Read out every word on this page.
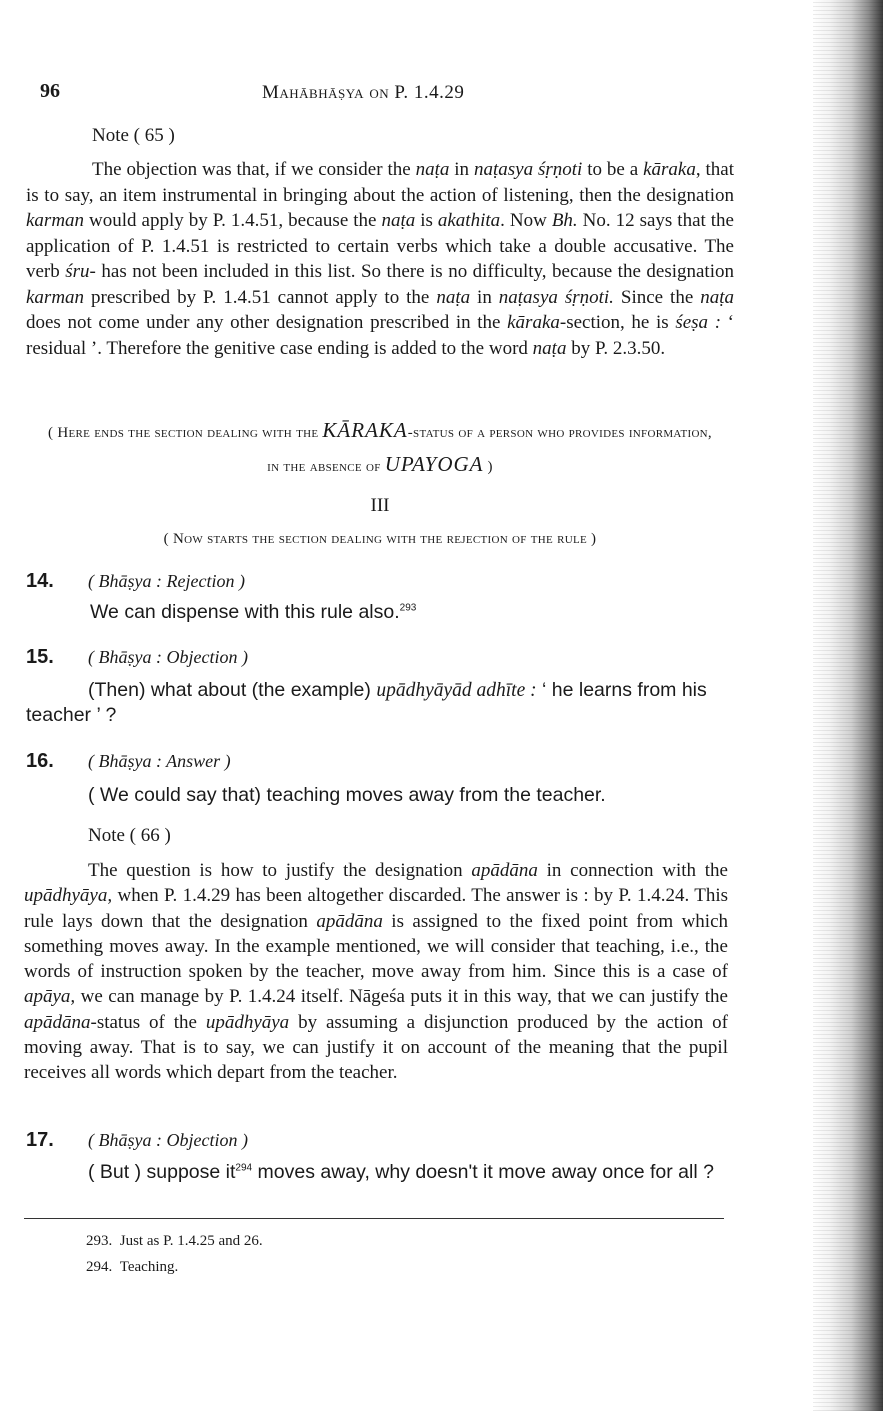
96	Mahābhāṣya on P. 1.4.29
Note ( 65 )
The objection was that, if we consider the naṭa in naṭasya śṛṇoti to be a kāraka, that is to say, an item instrumental in bringing about the action of listening, then the designation karman would apply by P. 1.4.51, because the naṭa is akathita. Now Bh. No. 12 says that the application of P. 1.4.51 is restricted to certain verbs which take a double accusative. The verb śru- has not been included in this list. So there is no difficulty, because the designation karman prescribed by P. 1.4.51 cannot apply to the naṭa in naṭasya śṛṇoti. Since the naṭa does not come under any other designation prescribed in the kāraka-section, he is śeṣa : ‘ residual ’. Therefore the genitive case ending is added to the word naṭa by P. 2.3.50.
( Here ends the section dealing with the KĀRAKA-status of a person who provides information, in the absence of UPAYOGA )
III
( Now starts the section dealing with the rejection of the rule )
14. ( Bhāṣya : Rejection )
We can dispense with this rule also.$^{293}$
15. ( Bhāṣya : Objection )
(Then) what about (the example) upādhyāyād adhīte : ‘ he learns from his teacher ’ ?
16. ( Bhāṣya : Answer )
( We could say that) teaching moves away from the teacher.
Note ( 66 )
The question is how to justify the designation apādāna in connection with the upādhyāya, when P. 1.4.29 has been altogether discarded. The answer is : by P. 1.4.24. This rule lays down that the designation apādāna is assigned to the fixed point from which something moves away. In the example mentioned, we will consider that teaching, i.e., the words of instruction spoken by the teacher, move away from him. Since this is a case of apāya, we can manage by P. 1.4.24 itself. Nāgeśa puts it in this way, that we can justify the apādāna-status of the upādhyāya by assuming a disjunction produced by the action of moving away. That is to say, we can justify it on account of the meaning that the pupil receives all words which depart from the teacher.
17. ( Bhāṣya : Objection )
( But ) suppose $it^{294}$ moves away, why doesn't it move away once for all ?
293. Just as P. 1.4.25 and 26.
294. Teaching.
